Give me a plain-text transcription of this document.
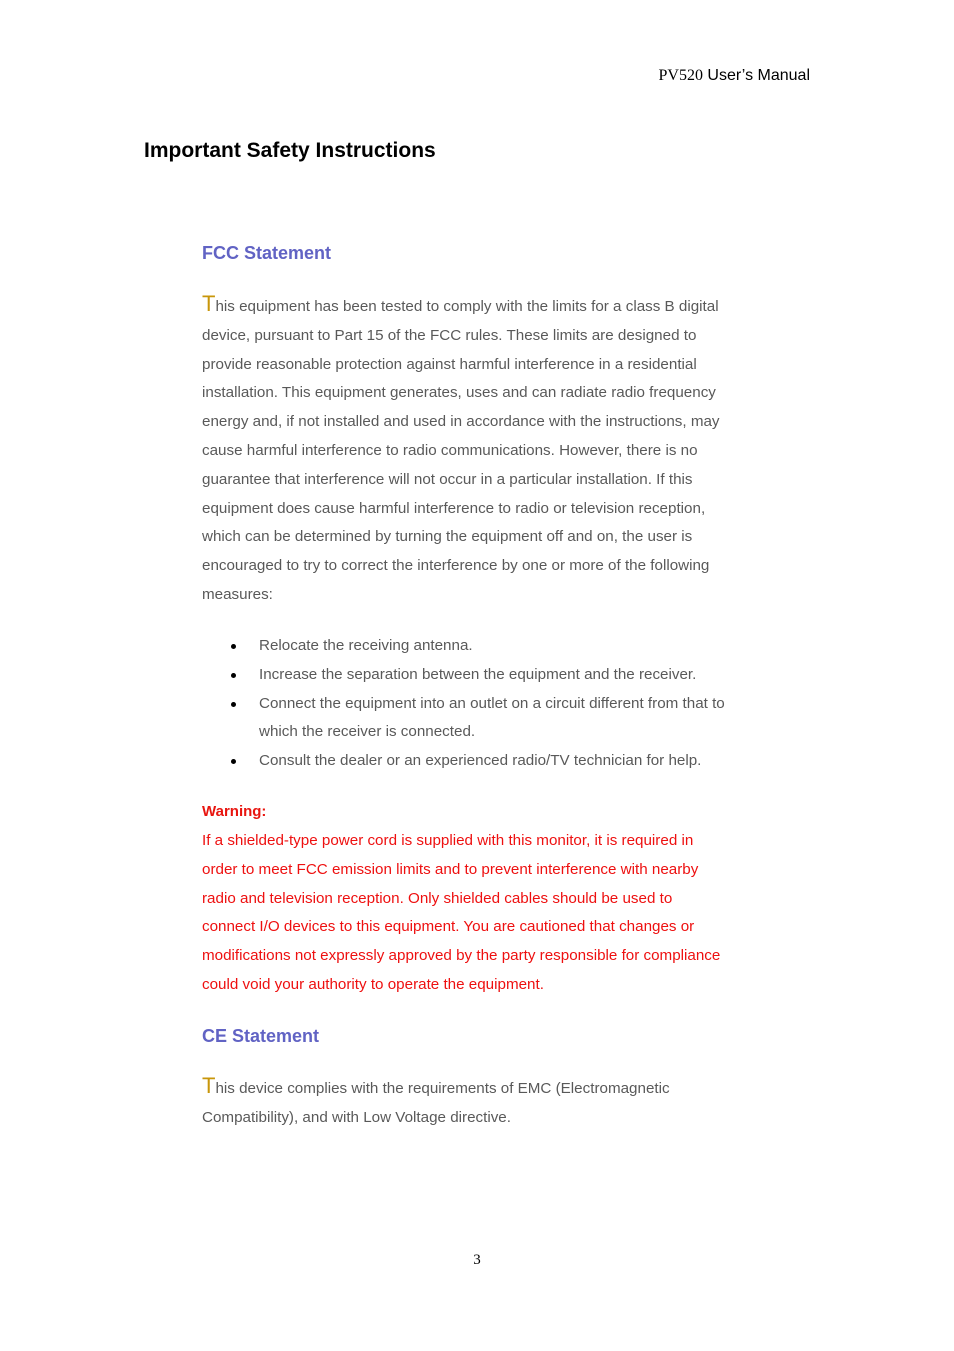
PV520 User’s Manual
Important Safety Instructions
FCC Statement

This equipment has been tested to comply with the limits for a class B digital
device, pursuant to Part 15 of the FCC rules. These limits are designed to
provide reasonable protection against harmful interference in a residential
installation. This equipment generates, uses and can radiate radio frequency
energy and, if not installed and used in accordance with the instructions, may
cause harmful interference to radio communications. However, there is no
guarantee that interference will not occur in a particular installation. If this
equipment does cause harmful interference to radio or television reception,
which can be determined by turning the equipment off and on, the user is
encouraged to try to correct the interference by one or more of the following
measures:

Relocate the receiving antenna.
Increase the separation between the equipment and the receiver.
Connect the equipment into an outlet on a circuit different from that to
which the receiver is connected.
Consult the dealer or an experienced radio/TV technician for help.

Warning:

If a shielded-type power cord is supplied with this monitor, it is required in
order to meet FCC emission limits and to prevent interference with nearby
radio and television reception. Only shielded cables should be used to
connect I/O devices to this equipment. You are cautioned that changes or
modifications not expressly approved by the party responsible for compliance
could void your authority to operate the equipment.

CE Statement

This device complies with the requirements of EMC (Electromagnetic
Compatibility), and with Low Voltage directive.

3
